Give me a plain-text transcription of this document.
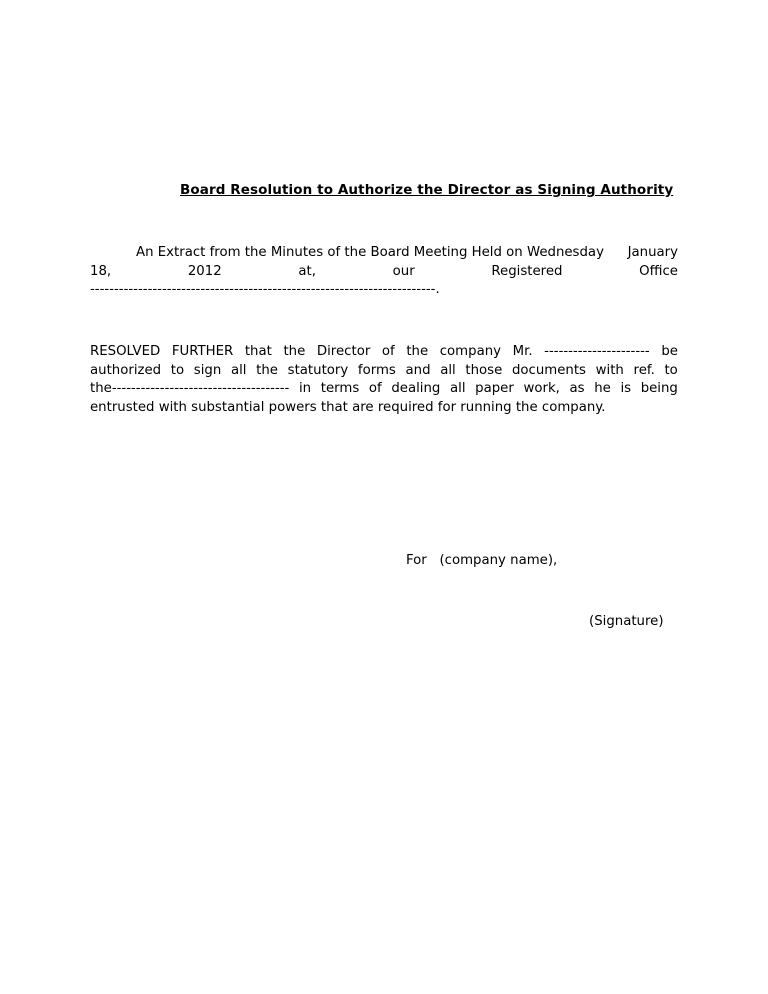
Board Resolution to Authorize the Director as Signing Authority
An Extract from the Minutes of the Board Meeting Held on Wednesday January
18,	2012	at,	our	Registered	Office
------------------------------------------------------------------------.
RESOLVED FURTHER that the Director of the company Mr. ---------------------- be
authorized to sign all the statutory forms and all those documents with ref. to
the------------------------------------- in terms of dealing all paper work, as he is being
entrusted with substantial powers that are required for running the company.
For   (company name),
(Signature)
